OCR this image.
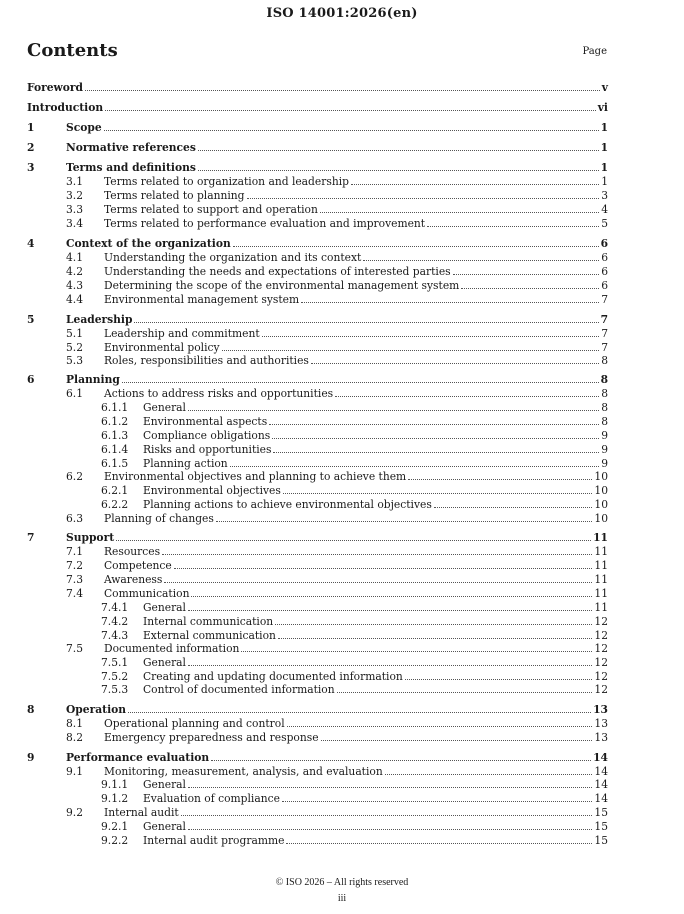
ISO 14001:2026(en)
Contents	Page
Foreword	v
Introduction	vi
1	Scope	1
2	Normative references	1
3	Terms and definitions	1
3.1	Terms related to organization and leadership	1
3.2	Terms related to planning	3
3.3	Terms related to support and operation	4
3.4	Terms related to performance evaluation and improvement	5
4	Context of the organization	6
4.1	Understanding the organization and its context	6
4.2	Understanding the needs and expectations of interested parties	6
4.3	Determining the scope of the environmental management system	6
4.4	Environmental management system	7
5	Leadership	7
5.1	Leadership and commitment	7
5.2	Environmental policy	7
5.3	Roles, responsibilities and authorities	8
6	Planning	8
6.1	Actions to address risks and opportunities	8
6.1.1	General	8
6.1.2	Environmental aspects	8
6.1.3	Compliance obligations	9
6.1.4	Risks and opportunities	9
6.1.5	Planning action	9
6.2	Environmental objectives and planning to achieve them	10
6.2.1	Environmental objectives	10
6.2.2	Planning actions to achieve environmental objectives	10
6.3	Planning of changes	10
7	Support	11
7.1	Resources	11
7.2	Competence	11
7.3	Awareness	11
7.4	Communication	11
7.4.1	General	11
7.4.2	Internal communication	12
7.4.3	External communication	12
7.5	Documented information	12
7.5.1	General	12
7.5.2	Creating and updating documented information	12
7.5.3	Control of documented information	12
8	Operation	13
8.1	Operational planning and control	13
8.2	Emergency preparedness and response	13
9	Performance evaluation	14
9.1	Monitoring, measurement, analysis, and evaluation	14
9.1.1	General	14
9.1.2	Evaluation of compliance	14
9.2	Internal audit	15
9.2.1	General	15
9.2.2	Internal audit programme	15
© ISO 2026 – All rights reserved
iii
